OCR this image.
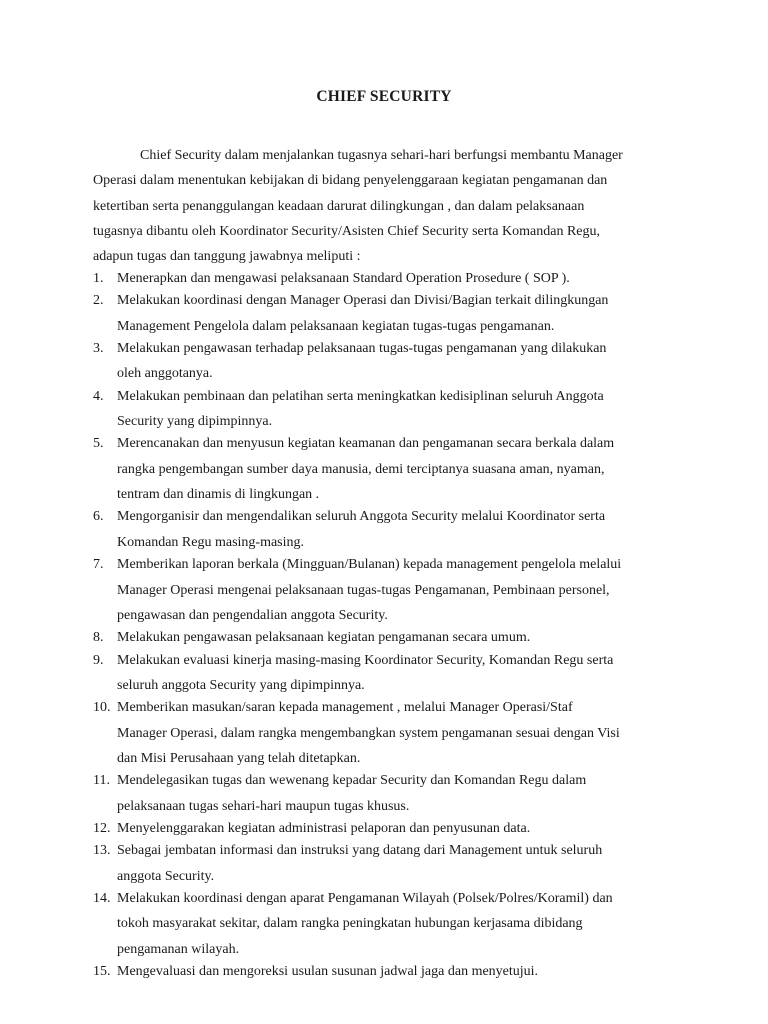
CHIEF SECURITY
Chief Security dalam menjalankan tugasnya sehari-hari berfungsi membantu Manager
Operasi dalam menentukan kebijakan di bidang penyelenggaraan kegiatan pengamanan dan
ketertiban serta penanggulangan keadaan darurat dilingkungan , dan dalam pelaksanaan
tugasnya dibantu oleh Koordinator Security/Asisten Chief Security serta Komandan Regu,
adapun tugas dan tanggung jawabnya meliputi :
1. Menerapkan dan mengawasi pelaksanaan Standard Operation Prosedure ( SOP ).
2. Melakukan koordinasi dengan Manager Operasi dan Divisi/Bagian terkait dilingkungan
Management Pengelola dalam pelaksanaan kegiatan tugas-tugas pengamanan.
3. Melakukan pengawasan terhadap pelaksanaan tugas-tugas pengamanan yang dilakukan
oleh anggotanya.
4. Melakukan pembinaan dan pelatihan serta meningkatkan kedisiplinan seluruh Anggota
Security yang dipimpinnya.
5. Merencanakan dan menyusun kegiatan keamanan dan pengamanan secara berkala dalam
rangka pengembangan sumber daya manusia, demi terciptanya suasana aman, nyaman,
tentram dan dinamis di lingkungan .
6. Mengorganisir dan mengendalikan seluruh Anggota Security melalui Koordinator serta
Komandan Regu masing-masing.
7. Memberikan laporan berkala (Mingguan/Bulanan) kepada management pengelola melalui
Manager Operasi mengenai pelaksanaan tugas-tugas Pengamanan, Pembinaan personel,
pengawasan dan pengendalian anggota Security.
8. Melakukan pengawasan pelaksanaan kegiatan pengamanan secara umum.
9. Melakukan evaluasi kinerja masing-masing Koordinator Security, Komandan Regu serta
seluruh anggota Security yang dipimpinnya.
10. Memberikan masukan/saran kepada management , melalui Manager Operasi/Staf
Manager Operasi, dalam rangka mengembangkan system pengamanan sesuai dengan Visi
dan Misi Perusahaan yang telah ditetapkan.
11. Mendelegasikan tugas dan wewenang kepadar Security dan Komandan Regu dalam
pelaksanaan tugas sehari-hari maupun tugas khusus.
12. Menyelenggarakan kegiatan administrasi pelaporan dan penyusunan data.
13. Sebagai jembatan informasi dan instruksi yang datang dari Management untuk seluruh
anggota Security.
14. Melakukan koordinasi dengan aparat Pengamanan Wilayah (Polsek/Polres/Koramil) dan
tokoh masyarakat sekitar, dalam rangka peningkatan hubungan kerjasama dibidang
pengamanan wilayah.
15. Mengevaluasi dan mengoreksi usulan susunan jadwal jaga dan menyetujui.
